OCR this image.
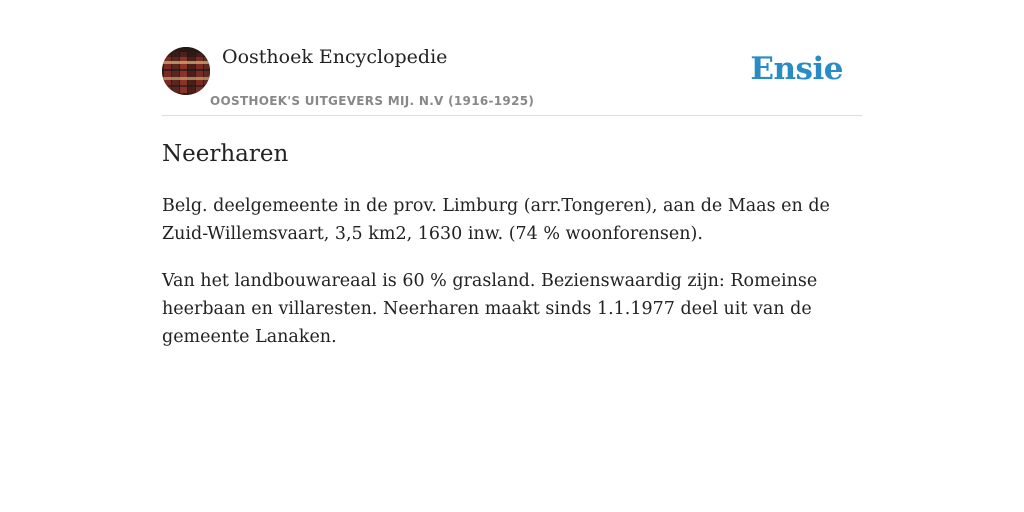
Oosthoek Encyclopedie
OOSTHOEK'S UITGEVERS MIJ. N.V (1916-1925)
Ensie
Neerharen

Belg. deelgemeente in de prov. Limburg (arr.Tongeren), aan de Maas en de Zuid-Willemsvaart, 3,5 km2, 1630 inw. (74 % woonforensen).

Van het landbouwareaal is 60 % grasland. Bezienswaardig zijn: Romeinse heerbaan en villaresten. Neerharen maakt sinds 1.1.1977 deel uit van de gemeente Lanaken.
